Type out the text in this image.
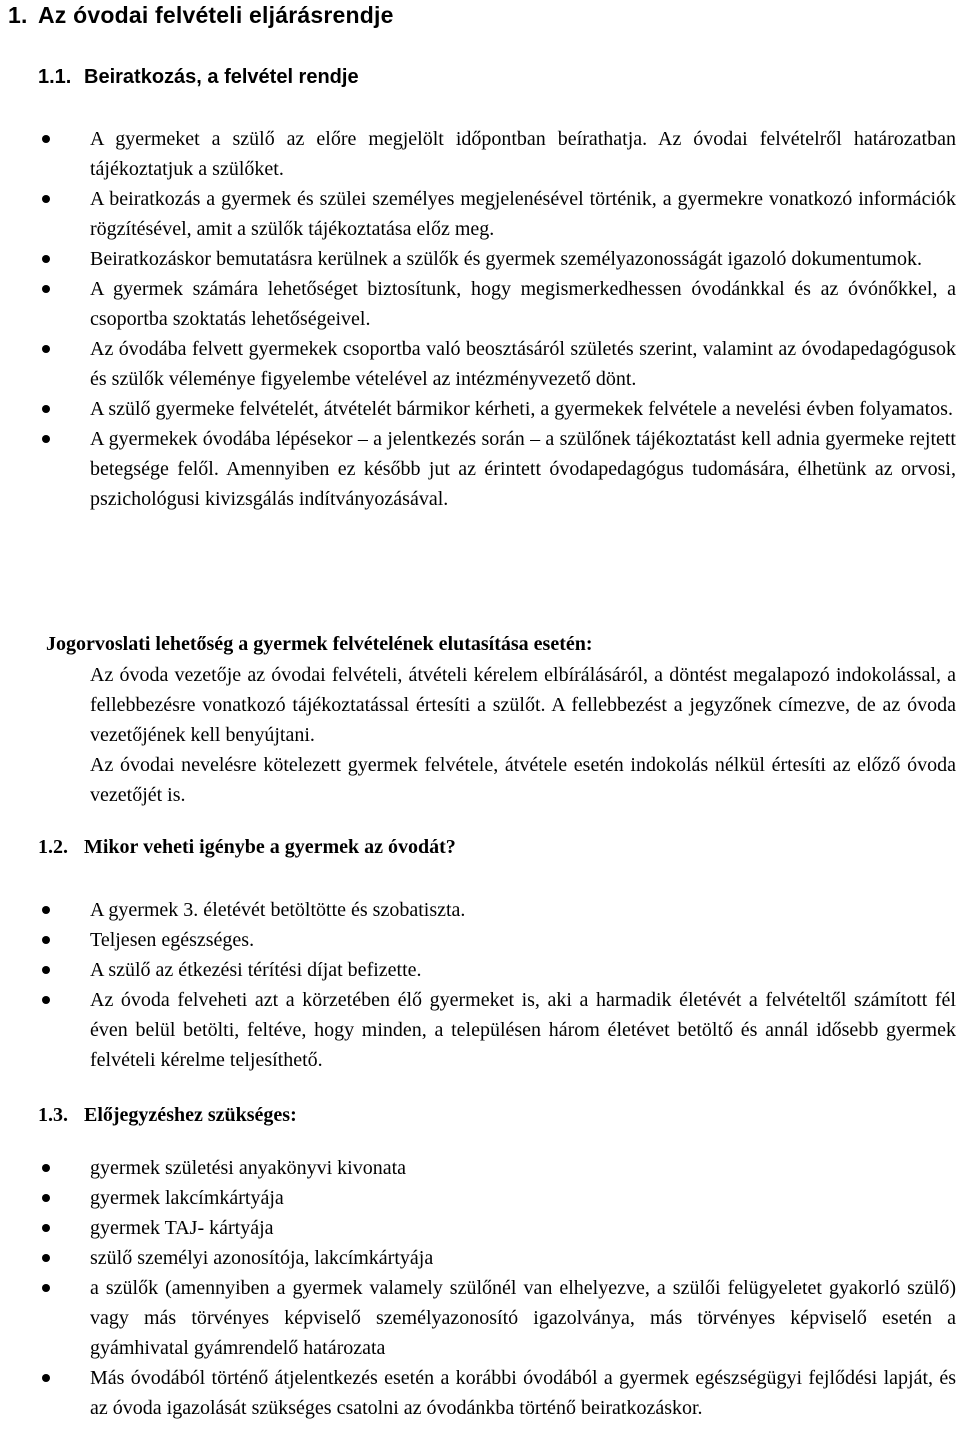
1. Az óvodai felvételi eljárásrendje
1.1. Beiratkozás, a felvétel rendje
A gyermeket a szülő az előre megjelölt időpontban beírathatja. Az óvodai felvételről határozatban tájékoztatjuk a szülőket.
A beiratkozás a gyermek és szülei személyes megjelenésével történik, a gyermekre vonatkozó információk rögzítésével, amit a szülők tájékoztatása előz meg.
Beiratkozáskor bemutatásra kerülnek a szülők és gyermek személyazonosságát igazoló dokumentumok.
A gyermek számára lehetőséget biztosítunk, hogy megismerkedhessen óvodánkkal és az óvónőkkel, a csoportba szoktatás lehetőségeivel.
Az óvodába felvett gyermekek csoportba való beosztásáról születés szerint, valamint az óvodapedagógusok és szülők véleménye figyelembe vételével az intézményvezető dönt.
A szülő gyermeke felvételét, átvételét bármikor kérheti, a gyermekek felvétele a nevelési évben folyamatos.
A gyermekek óvodába lépésekor – a jelentkezés során – a szülőnek tájékoztatást kell adnia gyermeke rejtett betegsége felől. Amennyiben ez később jut az érintett óvodapedagógus tudomására, élhetünk az orvosi, pszichológusi kivizsgálás indítványozásával.
Jogorvoslati lehetőség a gyermek felvételének elutasítása esetén:
Az óvoda vezetője az óvodai felvételi, átvételi kérelem elbírálásáról, a döntést megalapozó indokolással, a fellebbezésre vonatkozó tájékoztatással értesíti a szülőt. A fellebbezést a jegyzőnek címezve, de az óvoda vezetőjének kell benyújtani.
Az óvodai nevelésre kötelezett gyermek felvétele, átvétele esetén indokolás nélkül értesíti az előző óvoda vezetőjét is.
1.2. Mikor veheti igénybe a gyermek az óvodát?
A gyermek 3. életévét betöltötte és szobatiszta.
Teljesen egészséges.
A szülő az étkezési térítési díjat befizette.
Az óvoda felveheti azt a körzetében élő gyermeket is, aki a harmadik életévét a felvételtől számított fél éven belül betölti, feltéve, hogy minden, a településen három életévet betöltő és annál idősebb gyermek felvételi kérelme teljesíthető.
1.3. Előjegyzéshez szükséges:
gyermek születési anyakönyvi kivonata
gyermek lakcímkártyája
gyermek TAJ- kártyája
szülő személyi azonosítója, lakcímkártyája
a szülők (amennyiben a gyermek valamely szülőnél van elhelyezve, a szülői felügyeletet gyakorló szülő) vagy más törvényes képviselő személyazonosító igazolványa, más törvényes képviselő esetén a gyámhivatal gyámrendelő határozata
Más óvodából történő átjelentkezés esetén a korábbi óvodából a gyermek egészségügyi fejlődési lapját, és az óvoda igazolását szükséges csatolni az óvodánkba történő beiratkozáskor.
